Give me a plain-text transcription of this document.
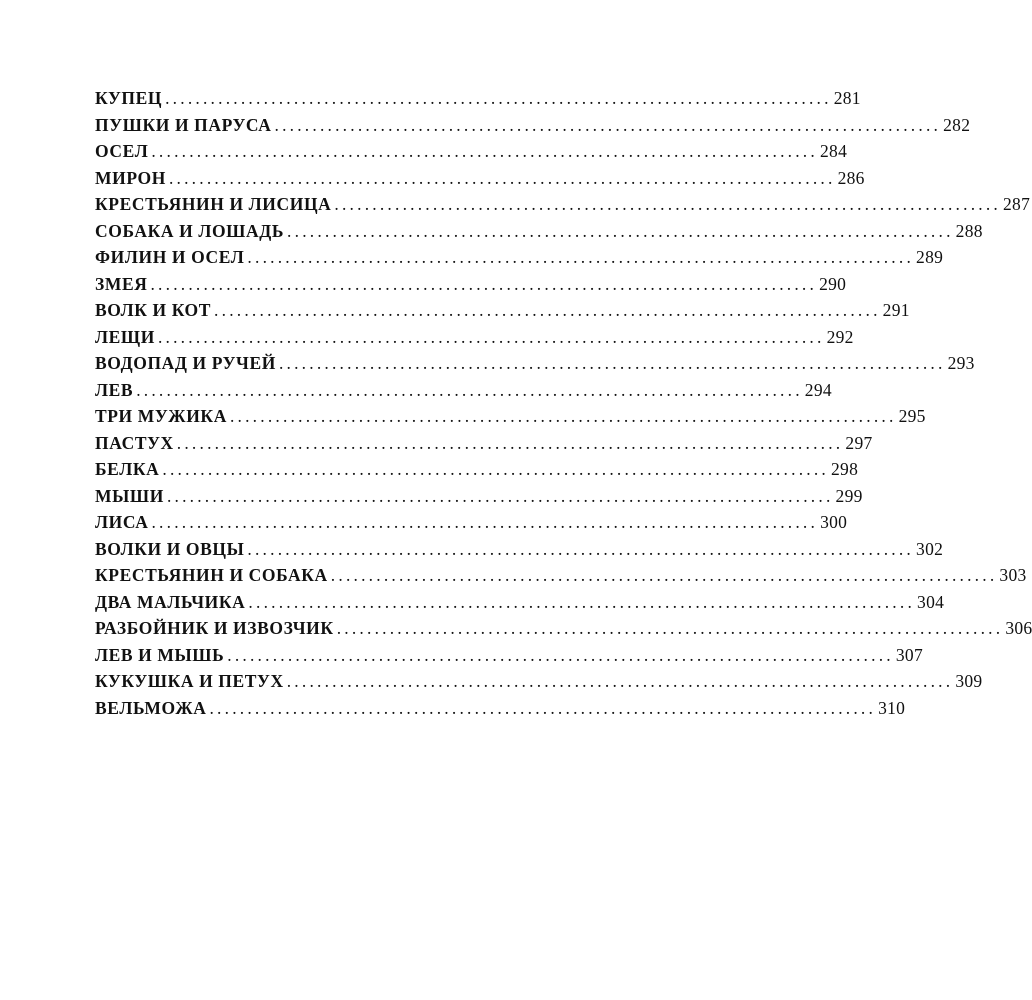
КУПЕЦ ........................................................................................ 281
ПУШКИ И ПАРУСА ........................................................................................ 282
ОСЕЛ ........................................................................................ 284
МИРОН ........................................................................................ 286
КРЕСТЬЯНИН И ЛИСИЦА ........................................................................................ 287
СОБАКА И ЛОШАДЬ ........................................................................................ 288
ФИЛИН И ОСЕЛ ........................................................................................ 289
ЗМЕЯ ........................................................................................ 290
ВОЛК И КОТ ........................................................................................ 291
ЛЕЩИ ........................................................................................ 292
ВОДОПАД И РУЧЕЙ ........................................................................................ 293
ЛЕВ ........................................................................................ 294
ТРИ МУЖИКА ........................................................................................ 295
ПАСТУХ ........................................................................................ 297
БЕЛКА ........................................................................................ 298
МЫШИ ........................................................................................ 299
ЛИСА ........................................................................................ 300
ВОЛКИ И ОВЦЫ ........................................................................................ 302
КРЕСТЬЯНИН И СОБАКА ........................................................................................ 303
ДВА МАЛЬЧИКА ........................................................................................ 304
РАЗБОЙНИК И ИЗВОЗЧИК ........................................................................................ 306
ЛЕВ И МЫШЬ ........................................................................................ 307
КУКУШКА И ПЕТУХ ........................................................................................ 309
ВЕЛЬМОЖА ........................................................................................ 310
